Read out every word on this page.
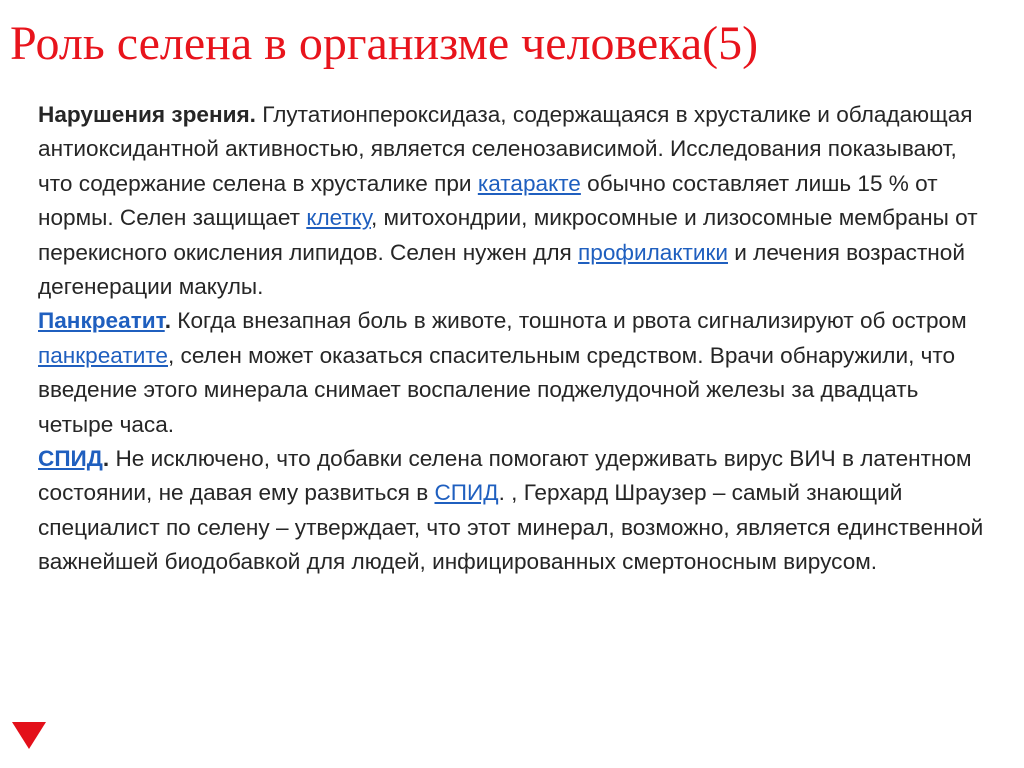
Роль селена в организме человека(5)

Нарушения зрения. Глутатионпероксидаза, содержащаяся в хрусталике и обладающая антиоксидантной активностью, является селенозависимой. Исследования показывают, что содержание селена в хрусталике при катаракте обычно составляет лишь 15 % от нормы. Селен защищает клетку, митохондрии, микросомные и лизосомные мембраны от перекисного окисления липидов. Селен нужен для профилактики и лечения возрастной дегенерации макулы.

Панкреатит. Когда внезапная боль в животе, тошнота и рвота сигнализируют об остром панкреатите, селен может оказаться спасительным средством. Врачи обнаружили, что введение этого минерала снимает воспаление поджелудочной железы за двадцать четыре часа.

СПИД. Не исключено, что добавки селена помогают удерживать вирус ВИЧ в латентном состоянии, не давая ему развиться в СПИД. , Герхард Шраузер – самый знающий специалист по селену – утверждает, что этот минерал, возможно, является единственной важнейшей биодобавкой для людей, инфицированных смертоносным вирусом.
